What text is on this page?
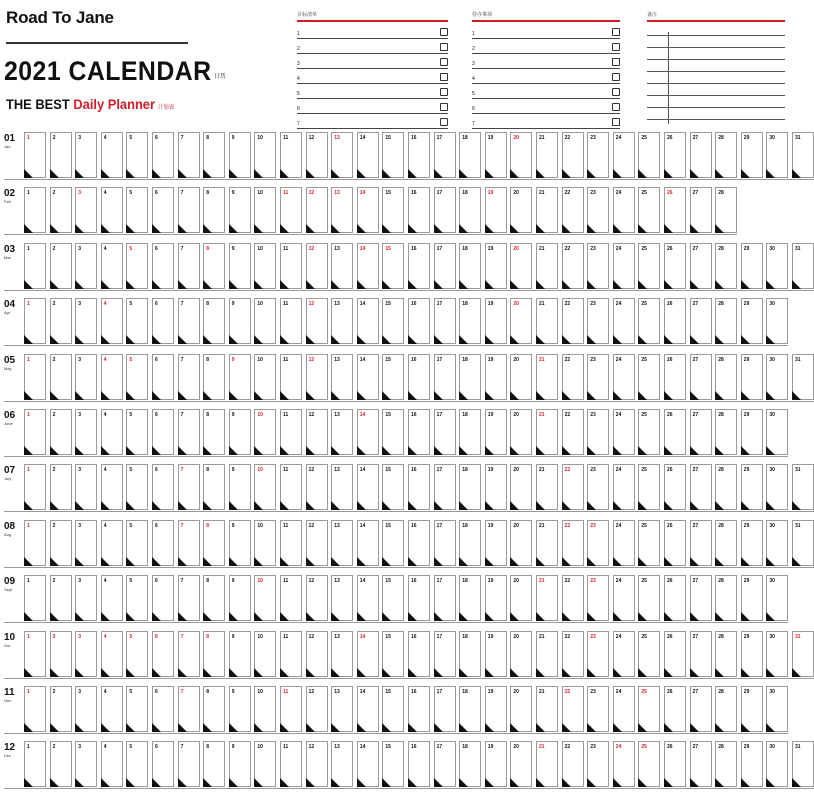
Road To Jane
2021 CALENDAR $^{日历}$
THE BEST Daily Planner 计划表
目标清单
1
2
3
4
5
6
7
待办事项
1
2
3
4
5
6
7
备注
01
Jan
1	2	3	4	5	6	7	8	9	10	11	12	13	14	15	16	17	18	19	20	21	22	23	24	25	26	27	28	29	30	31
02
Feb
1	2	3	4	5	6	7	8	9	10	11	12	13	14	15	16	17	18	19	20	21	22	23	24	25	26	27	28
03
Mar
1	2	3	4	5	6	7	8	9	10	11	12	13	14	15	16	17	18	19	20	21	22	23	24	25	26	27	28	29	30	31
04
Apr
1	2	3	4	5	6	7	8	9	10	11	12	13	14	15	16	17	18	19	20	21	22	23	24	25	26	27	28	29	30
05
May
1	2	3	4	5	6	7	8	9	10	11	12	13	14	15	16	17	18	19	20	21	22	23	24	25	26	27	28	29	30	31
06
June
1	2	3	4	5	6	7	8	9	10	11	12	13	14	15	16	17	18	19	20	21	22	23	24	25	26	27	28	29	30
07
July
1	2	3	4	5	6	7	8	9	10	11	12	13	14	15	16	17	18	19	20	21	22	23	24	25	26	27	28	29	30	31
08
Aug
1	2	3	4	5	6	7	8	9	10	11	12	13	14	15	16	17	18	19	20	21	22	23	24	25	26	27	28	29	30	31
09
Sept
1	2	3	4	5	6	7	8	9	10	11	12	13	14	15	16	17	18	19	20	21	22	23	24	25	26	27	28	29	30
10
Oct
1	2	3	4	5	6	7	8	9	10	11	12	13	14	15	16	17	18	19	20	21	22	23	24	25	26	27	28	29	30	31
11
Nov
1	2	3	4	5	6	7	8	9	10	11	12	13	14	15	16	17	18	19	20	21	22	23	24	25	26	27	28	29	30
12
Dec
1	2	3	4	5	6	7	8	9	10	11	12	13	14	15	16	17	18	19	20	21	22	23	24	25	26	27	28	29	30	31
